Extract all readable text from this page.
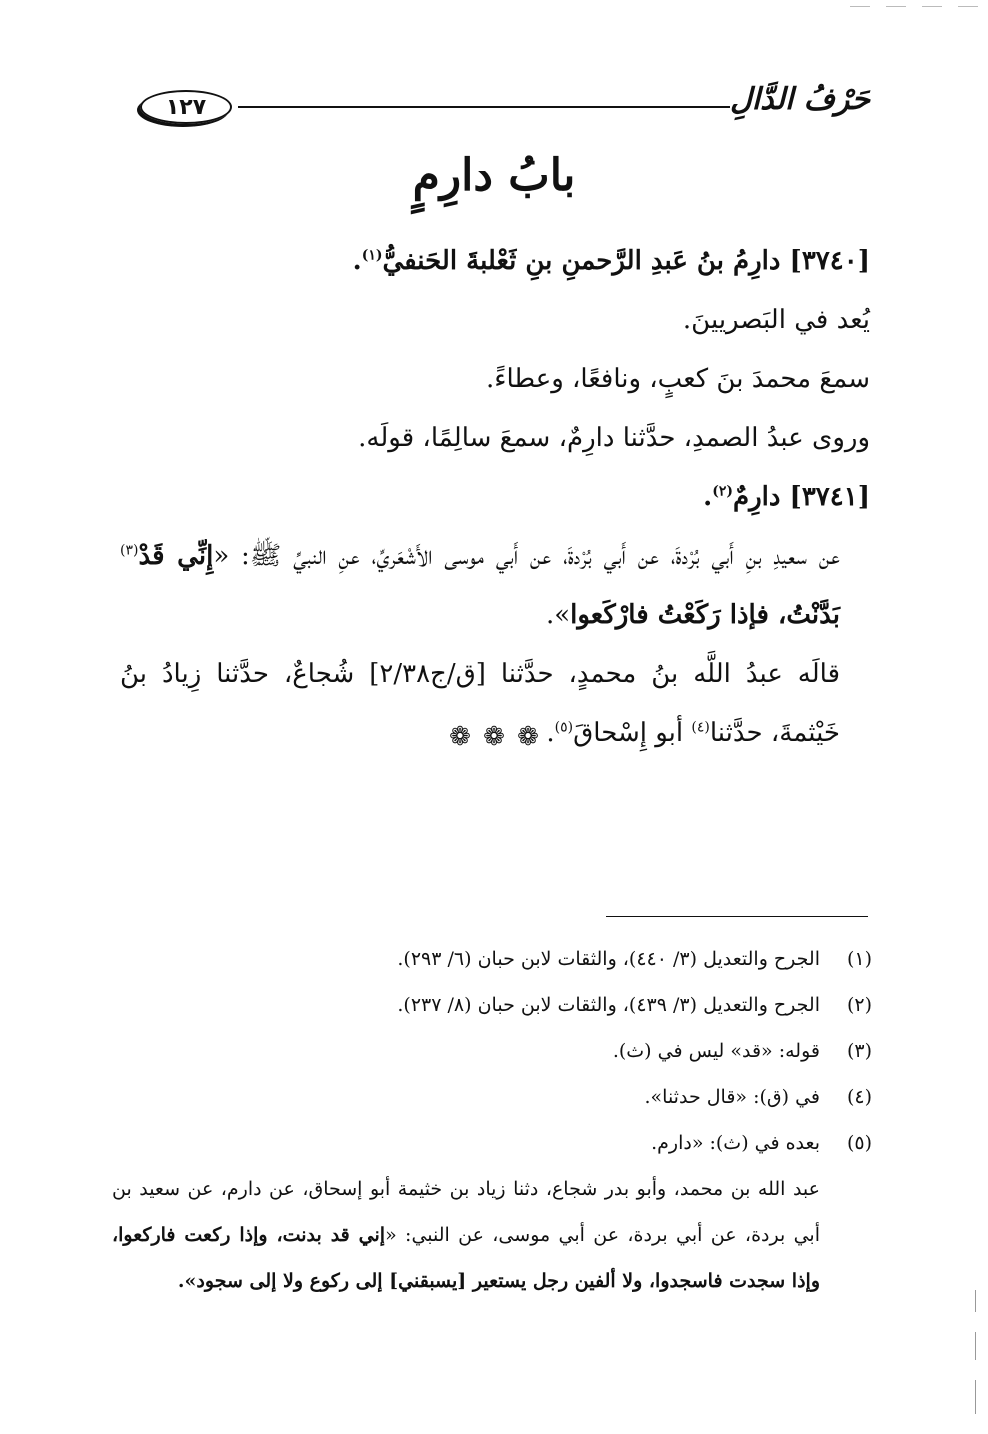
١٢٧	حَرْفُ الدَّالِ
بابُ دارِمٍ

[٣٧٤٠] دارِمُ بنُ عَبدِ الرَّحمنِ بنِ ثَعْلبةَ الحَنفيُّ$^{(١)}$.

يُعد في البَصريينَ.

سمعَ محمدَ بنَ كعبٍ، ونافعًا، وعطاءً.

وروى عبدُ الصمدِ، حدَّثنا دارِمٌ، سمعَ سالِمًا، قولَه.

[٣٧٤١] دارِمٌ$^{(٢)}$.

عن سعيدِ بنِ أَبي بُرْدةَ، عن أَبي بُرْدةَ، عن أَبي موسى الأَشْعَريِّ، عنِ النبيِّ ﷺ: «إِنِّي قَدْ$^{(٣)}$ بَدَّنْتُ، فإذا رَكَعْتُ فارْكَعوا».

قالَه عبدُ اللَّه بنُ محمدٍ، حدَّثنا [ق/ج٢/٣٨] شُجاعٌ، حدَّثنا زِيادُ بنُ خَيْثمةَ، حدَّثنا$^{(٤)}$ أبو إِسْحاقَ$^{(٥)}$.

❁ ❁ ❁
(١)
الجرح والتعديل (٣/ ٤٤٠)، والثقات لابن حبان (٦/ ٢٩٣).
(٢)
الجرح والتعديل (٣/ ٤٣٩)، والثقات لابن حبان (٨/ ٢٣٧).
(٣)
قوله: «قد» ليس في (ث).
(٤)
في (ق): «قال حدثنا».
(٥)
بعده في (ث): «دارم.
عبد الله بن محمد، وأبو بدر شجاع، دثنا زياد بن خثيمة أبو إسحاق، عن دارم، عن سعيد بن أبي بردة، عن أبي بردة، عن أبي موسى، عن النبي: «إني قد بدنت، وإذا ركعت فاركعوا، وإذا سجدت فاسجدوا، ولا ألفين رجل يستعير [يسبقني] إلى ركوع ولا إلى سجود».
